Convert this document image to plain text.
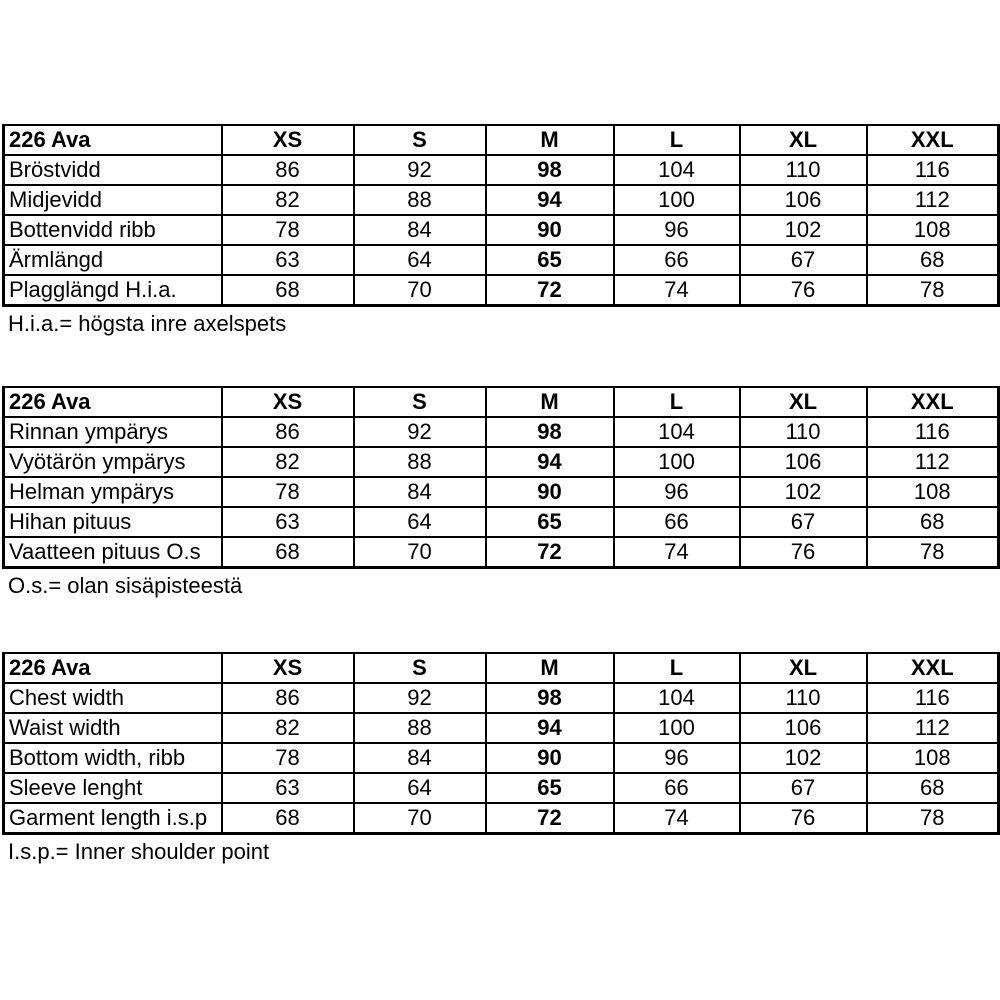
226 Ava	XS	S	M	L	XL	XXL
Bröstvidd	86	92	98	104	110	116
Midjevidd	82	88	94	100	106	112
Bottenvidd ribb	78	84	90	96	102	108
Ärmlängd	63	64	65	66	67	68
Plagglängd H.i.a.	68	70	72	74	76	78
H.i.a.= högsta inre axelspets
226 Ava	XS	S	M	L	XL	XXL
Rinnan ympärys	86	92	98	104	110	116
Vyötärön ympärys	82	88	94	100	106	112
Helman ympärys	78	84	90	96	102	108
Hihan pituus	63	64	65	66	67	68
Vaatteen pituus O.s	68	70	72	74	76	78
O.s.= olan sisäpisteestä
226 Ava	XS	S	M	L	XL	XXL
Chest width	86	92	98	104	110	116
Waist width	82	88	94	100	106	112
Bottom width, ribb	78	84	90	96	102	108
Sleeve lenght	63	64	65	66	67	68
Garment length i.s.p	68	70	72	74	76	78
I.s.p.= Inner shoulder point
